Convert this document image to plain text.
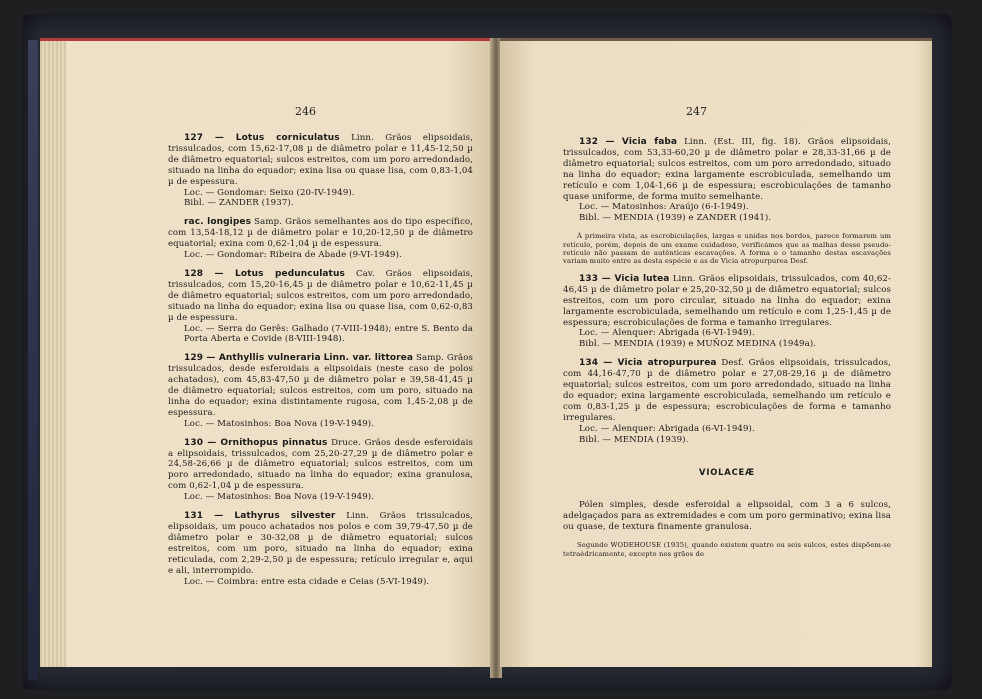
246

127 — Lotus corniculatus Linn. Grãos elipsoidais, trissulcados, com 15,62-17,08 µ de diâmetro polar e 11,45-12,50 µ de diâmetro equatorial; sulcos estreitos, com um poro arredondado, situado na linha do equador; exina lisa ou quase lisa, com 0,83-1,04 µ de espessura.

Loc. — Gondomar: Seixo (20-IV-1949).

Bibl. — ZANDER (1937).

rac. longipes Samp. Grãos semelhantes aos do tipo específico, com 13,54-18,12 µ de diâmetro polar e 10,20-12,50 µ de diâmetro equatorial; exina com 0,62-1,04 µ de espessura.

Loc. — Gondomar: Ribeira de Abade (9-VI-1949).

128 — Lotus pedunculatus Cav. Grãos elipsoidais, trissulcados, com 15,20-16,45 µ de diâmetro polar e 10,62-11,45 µ de diâmetro equatorial; sulcos estreitos, com um poro arredondado, situado na linha do equador; exina lisa ou quase lisa, com 0,62-0,83 µ de espessura.

Loc. — Serra do Gerês: Galhado (7-VIII-1948); entre S. Bento da Porta Aberta e Covide (8-VIII-1948).

129 — Anthyllis vulneraria Linn. var. littorea Samp. Grãos trissulcados, desde esferoidais a elipsoidais (neste caso de polos achatados), com 45,83-47,50 µ de diâmetro polar e 39,58-41,45 µ de diâmetro equatorial; sulcos estreitos, com um poro, situado na linha do equador; exina distintamente rugosa, com 1,45-2,08 µ de espessura.

Loc. — Matosinhos: Boa Nova (19-V-1949).

130 — Ornithopus pinnatus Druce. Grãos desde esferoidais a elipsoidais, trissulcados, com 25,20-27,29 µ de diâmetro polar e 24,58-26,66 µ de diâmetro equatorial; sulcos estreitos, com um poro arredondado, situado na linha do equador; exina granulosa, com 0,62-1,04 µ de espessura.

Loc. — Matosinhos: Boa Nova (19-V-1949).

131 — Lathyrus silvester Linn. Grãos trissulcados, elipsoidais, um pouco achatados nos polos e com 39,79-47,50 µ de diâmetro polar e 30-32,08 µ de diâmetro equatorial; sulcos estreitos, com um poro, situado na linha do equador; exina reticulada, com 2,29-2,50 µ de espessura; retículo irregular e, aqui e ali, interrompido.

Loc. — Coimbra: entre esta cidade e Ceias (5-VI-1949).

247

132 — Vicia faba Linn. (Est. III, fig. 18). Grãos elipsoidais, trissulcados, com 53,33-60,20 µ de diâmetro polar e 28,33-31,66 µ de diâmetro equatorial; sulcos estreitos, com um poro arredondado, situado na linha do equador; exina largamente escrobiculada, semelhando um retículo e com 1,04-1,66 µ de espessura; escrobiculações de tamanho quase uniforme, de forma muito semelhante.

Loc. — Matosinhos: Araújo (6-I-1949).

Bibl. — MENDIA (1939) e ZANDER (1941).

À primeira vista, as escrobiculações, largas e unidas nos bordos, parece formarem um retículo, porém, depois de um exame cuidadoso, verificámos que as malhas desse pseudo-retículo não passam de autênticas escavações. A forma e o tamanho destas escavações variam muito entre as desta espécie e as de Vicia atropurpurea Desf.

133 — Vicia lutea Linn. Grãos elipsoidais, trissulcados, com 40,62-46,45 µ de diâmetro polar e 25,20-32,50 µ de diâmetro equatorial; sulcos estreitos, com um poro circular, situado na linha do equador; exina largamente escrobiculada, semelhando um retículo e com 1,25-1,45 µ de espessura; escrobiculações de forma e tamanho irregulares.

Loc. — Alenquer: Abrigada (6-VI-1949).

Bibl. — MENDIA (1939) e MUÑOZ MEDINA (1949a).

134 — Vicia atropurpurea Desf. Grãos elipsoidais, trissulcados, com 44,16-47,70 µ de diâmetro polar e 27,08-29,16 µ de diâmetro equatorial; sulcos estreitos, com um poro arredondado, situado na linha do equador; exina largamente escrobiculada, semelhando um retículo e com 0,83-1,25 µ de espessura; escrobiculações de forma e tamanho irregulares.

Loc. — Alenquer: Abrigada (6-VI-1949).

Bibl. — MENDIA (1939).

VIOLACEÆ

Pólen simples, desde esferoidal a elipsoidal, com 3 a 6 sulcos, adelgaçados para as extremidades e com um poro germinativo; exina lisa ou quase, de textura finamente granulosa.

Segundo WODEHOUSE (1935), quando existem quatro ou seis sulcos, estes dispõem-se tetraèdricamente, excepto nos grãos de
